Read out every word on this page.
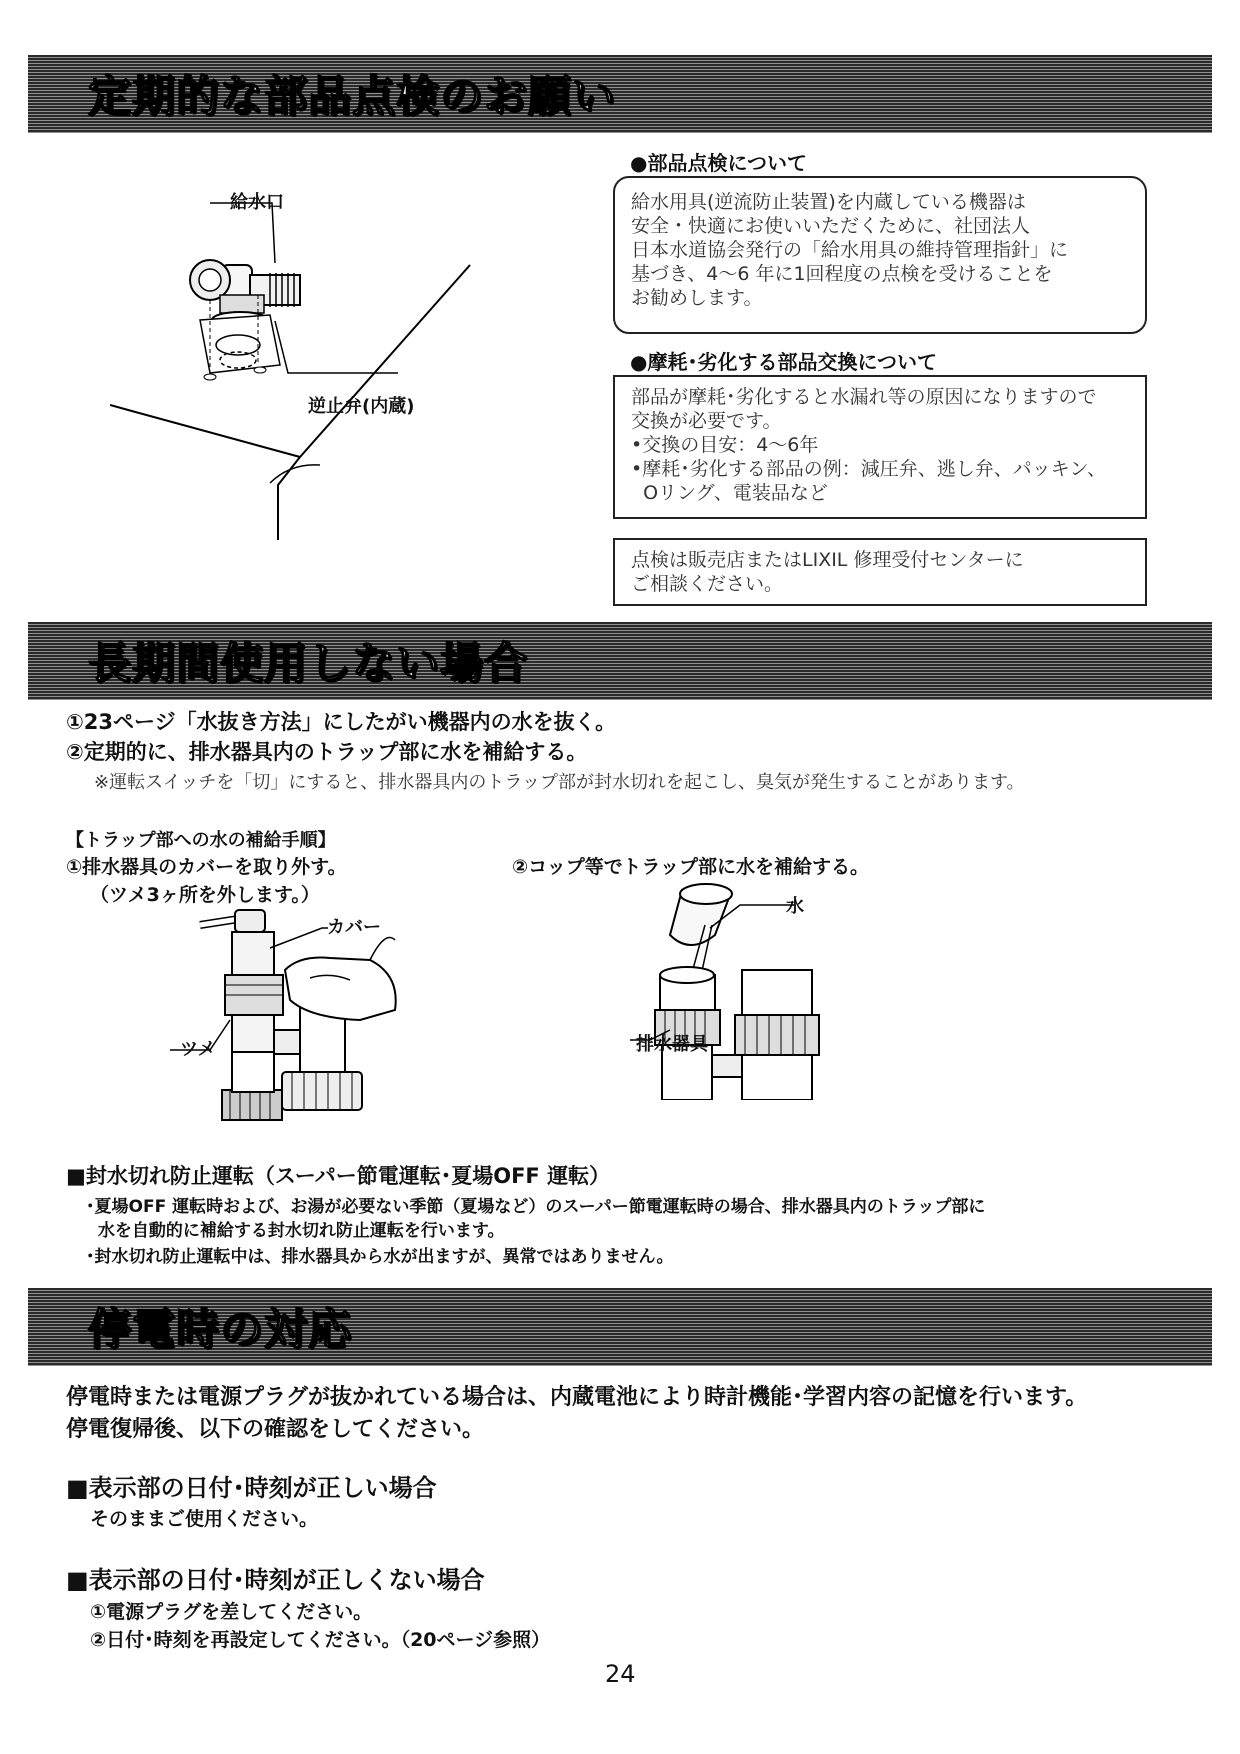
定期的な部品点検のお願い
給水口
逆止弁(内蔵)
●部品点検について
給水用具(逆流防止装置)を内蔵している機器は
安全・快適にお使いいただくために、社団法人
日本水道協会発行の「給水用具の維持管理指針」に
基づき、4〜6 年に1回程度の点検を受けることを
お勧めします。
●摩耗･劣化する部品交換について
部品が摩耗･劣化すると水漏れ等の原因になりますので
交換が必要です。
•交換の目安：4〜6年
•摩耗･劣化する部品の例：減圧弁、逃し弁、パッキン、
Oリング、電装品など
点検は販売店またはLIXIL 修理受付センターに
ご相談ください。
長期間使用しない場合
①23ページ「水抜き方法」にしたがい機器内の水を抜く。
②定期的に、排水器具内のトラップ部に水を補給する。
※運転スイッチを「切」にすると、排水器具内のトラップ部が封水切れを起こし、臭気が発生することがあります。
【トラップ部への水の補給手順】
①排水器具のカバーを取り外す。
（ツメ3ヶ所を外します。）
②コップ等でトラップ部に水を補給する。
カバー
ツメ
水
排水器具
■封水切れ防止運転（スーパー節電運転･夏場OFF 運転）
･夏場OFF 運転時および、お湯が必要ない季節（夏場など）のスーパー節電運転時の場合、排水器具内のトラップ部に
水を自動的に補給する封水切れ防止運転を行います。
･封水切れ防止運転中は、排水器具から水が出ますが、異常ではありません。
停電時の対応
停電時または電源プラグが抜かれている場合は、内蔵電池により時計機能･学習内容の記憶を行います。
停電復帰後、以下の確認をしてください。
■表示部の日付･時刻が正しい場合
そのままご使用ください。
■表示部の日付･時刻が正しくない場合
①電源プラグを差してください。
②日付･時刻を再設定してください。（20ページ参照）
24
